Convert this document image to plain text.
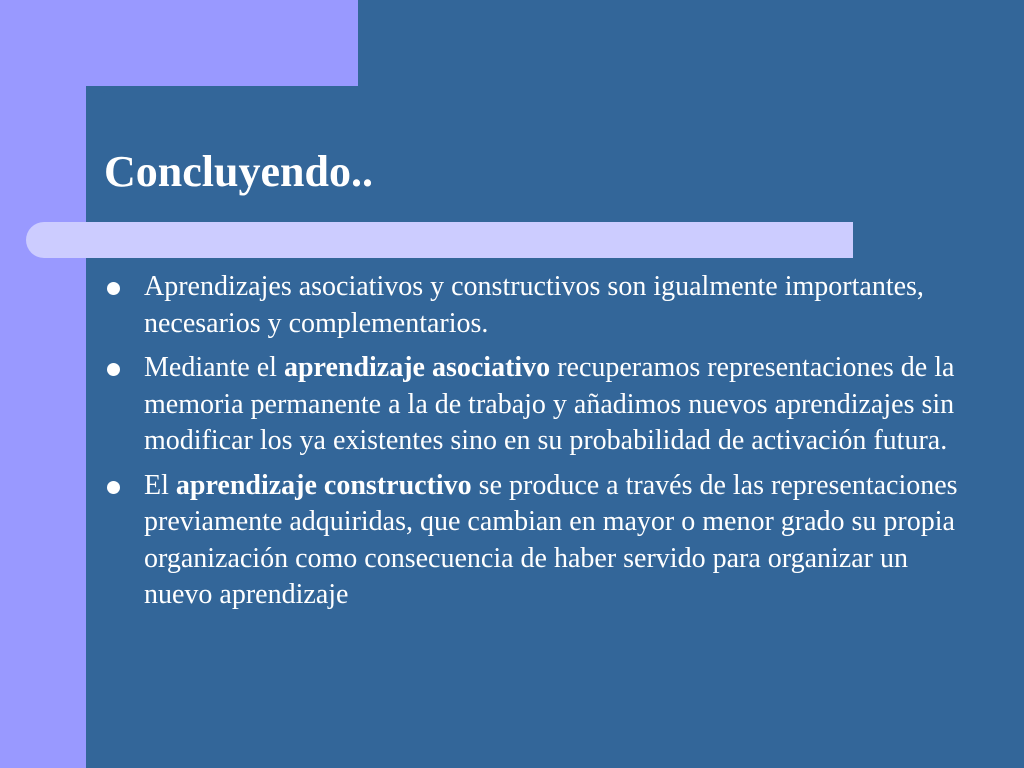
Concluyendo..
Aprendizajes asociativos y constructivos son igualmente importantes, necesarios y complementarios.
Mediante el aprendizaje asociativo recuperamos representaciones de la memoria permanente a la de trabajo y añadimos nuevos aprendizajes sin modificar los ya existentes sino en su probabilidad de activación futura.
El aprendizaje constructivo se produce a través de las representaciones previamente adquiridas, que cambian en mayor o menor grado su propia organización como consecuencia de haber servido para organizar un nuevo aprendizaje
